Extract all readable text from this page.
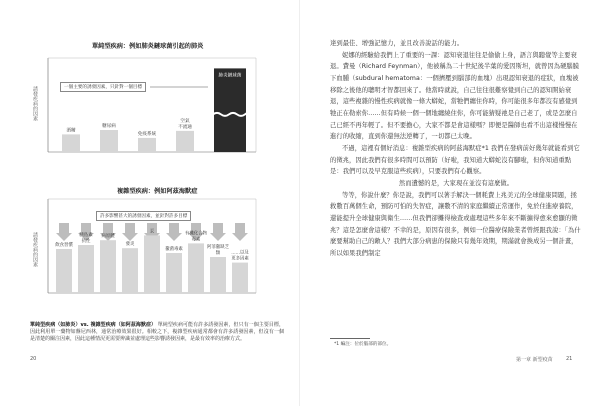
單純型疾病：例如肺炎鏈球菌引起的肺炎
誘發疾病的因素
酒精
糖尿病
免疫系統
空氣
不流通
肺炎鏈球菌
一個主要的誘發因素，只針對一個目標
複雜型疾病：例如阿茲海默症
誘發疾病的因素	飲食習慣
胰島素
抗性
病原體
發炎
汞
黴菌毒素
有機化合物
毒素
阿菲黴缺乏
類	……以及
更多因素
許多影響甚大的誘發因素，並針對許多目標
單純型疾病（如肺炎）vs. 複雜型疾病（如阿茲海默症） 單純型疾病可能有許多誘發因素，但只有一個主要目標，因此利用單一藥物如盤尼西林，通常治療效果很好。相較之下，複雜型疾病通常都會有許多誘發因素，但沒有一個是清楚的關注因素，因此這種情況更需要辨識並處理這些影響誘發因素，是最有效率的治療方式。
20

達到最佳、增強記憶力，並且改善說話的能力。

妮娜的經驗給我們上了重要的一課：認知衰退往往是偷偷上身，語言與聽覺等主要衰退。費曼（Richard Feynman），他被稱為二十世紀後半葉的愛因斯坦，就曾因為硬腦膜下血腫（subdural hematoma：一個擠壓到腦部的血塊）出現認知衰退的症狀，血塊被移除之後他的聰明才智都回來了。他當時就說，自己往往很難察覺到自己的認知開始衰退，這些複雜的慢性疾病就像一條大蟒蛇，當牠們纏住你時，你可能很多年都沒有感覺到牠正在勒索你……但有時候一個一個地纏繞住你，你可能猜疑祂是自己老了，或是怎麼自己已經不再年輕了。但不要擔心，大家不都是會這樣嗎？即便是醫師也看不出這樣慢慢在進行的收縮，直到你還無法逆轉了，一切都已太晚。

不過，這裡有個好消息：複雜型疾病的阿茲海默症*1 我們在發病前好幾年就能看到它的徵兆，因此我們有很多時間可以預防（好啦，我知道大蟒蛇沒有腳啦，但你知道重點是：我們可以及早克服這些疾病），只要我們有心觀察。

然而遺憾的是，大家現在並沒有這麼做。

等等，你說什麼？你是說，我們可以著手解決一個耗費上兆美元的全球健康問題，拯救數百萬個生命，預防可怕的失智症，讓數不清的家庭繼續正常運作，免於住進療養院，還能提升全球健康與衛生……但我們卻攤得檢查或處理這些多年來不斷擴得愈來愈顯的徵兆？這是怎麼會這樣？不幸的是，原因有很多，例如一位醫療保險業者曾經跟我說：「為什麼要幫助自己的敵人？我們大部分病患的保險只有幾年效期，期滿就會換成另一個計畫，所以如果我們制定

*1 編注：位於腦部的部位。
第一章 新型疫苗	21
